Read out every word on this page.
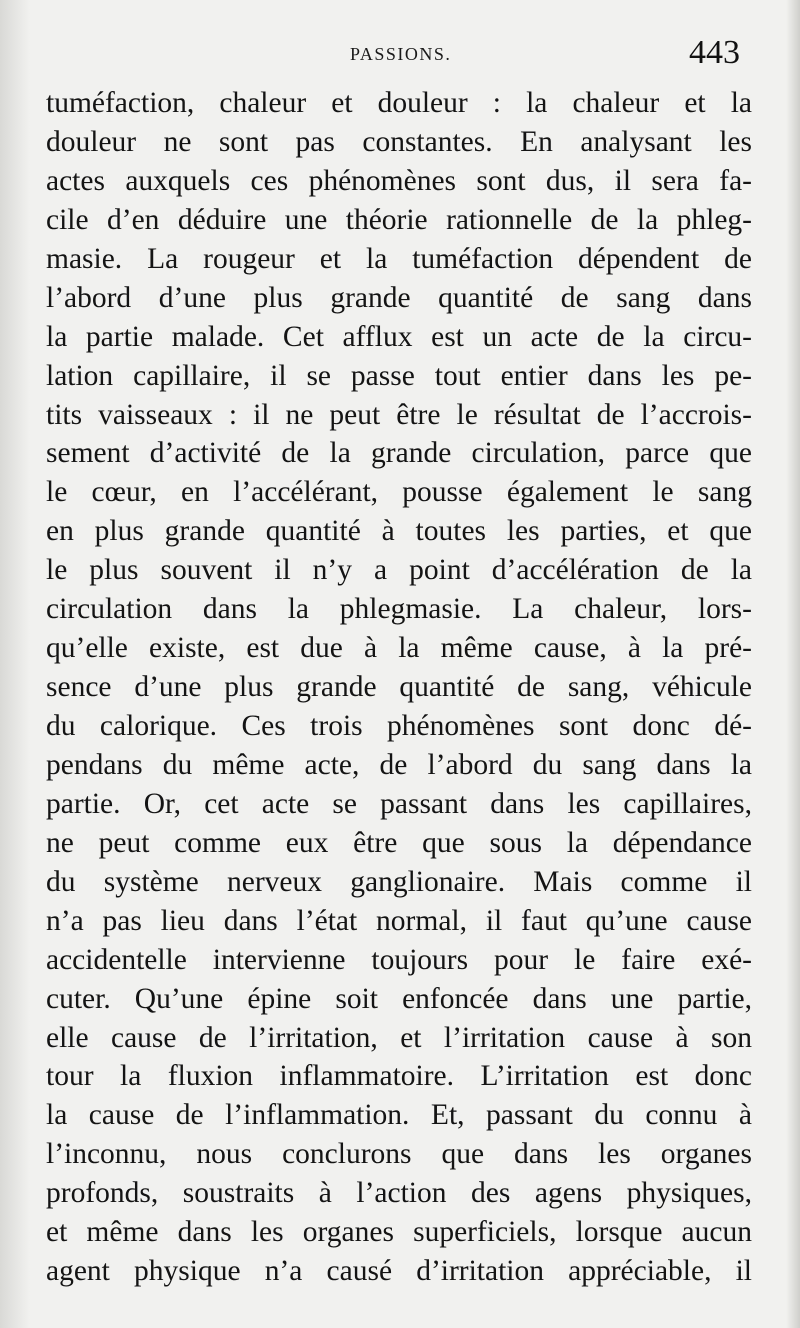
PASSIONS.	443
tuméfaction, chaleur et douleur : la chaleur et la
douleur ne sont pas constantes. En analysant les
actes auxquels ces phénomènes sont dus, il sera fa-
cile d’en déduire une théorie rationnelle de la phleg-
masie. La rougeur et la tuméfaction dépendent de
l’abord d’une plus grande quantité de sang dans
la partie malade. Cet afflux est un acte de la circu-
lation capillaire, il se passe tout entier dans les pe-
tits vaisseaux : il ne peut être le résultat de l’accrois-
sement d’activité de la grande circulation, parce que
le cœur, en l’accélérant, pousse également le sang
en plus grande quantité à toutes les parties, et que
le plus souvent il n’y a point d’accélération de la
circulation dans la phlegmasie. La chaleur, lors-
qu’elle existe, est due à la même cause, à la pré-
sence d’une plus grande quantité de sang, véhicule
du calorique. Ces trois phénomènes sont donc dé-
pendans du même acte, de l’abord du sang dans la
partie. Or, cet acte se passant dans les capillaires,
ne peut comme eux être que sous la dépendance
du système nerveux ganglionaire. Mais comme il
n’a pas lieu dans l’état normal, il faut qu’une cause
accidentelle intervienne toujours pour le faire exé-
cuter. Qu’une épine soit enfoncée dans une partie,
elle cause de l’irritation, et l’irritation cause à son
tour la fluxion inflammatoire. L’irritation est donc
la cause de l’inflammation. Et, passant du connu à
l’inconnu, nous conclurons que dans les organes
profonds, soustraits à l’action des agens physiques,
et même dans les organes superficiels, lorsque aucun
agent physique n’a causé d’irritation appréciable, il
